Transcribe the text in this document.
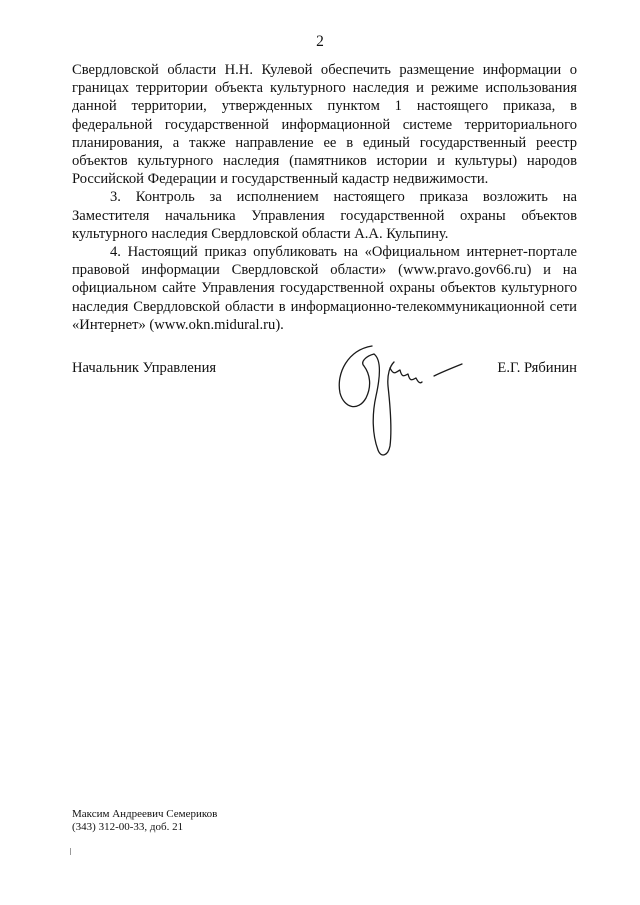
2

Свердловской области Н.Н. Кулевой обеспечить размещение информации о границах территории объекта культурного наследия и режиме использования данной территории, утвержденных пунктом 1 настоящего приказа, в федеральной государственной информационной системе территориального планирования, а также направление ее в единый государственный реестр объектов культурного наследия (памятников истории и культуры) народов Российской Федерации и государственный кадастр недвижимости.

3. Контроль за исполнением настоящего приказа возложить на Заместителя начальника Управления государственной охраны объектов культурного наследия Свердловской области А.А. Кульпину.

4. Настоящий приказ опубликовать на «Официальном интернет-портале правовой информации Свердловской области» (www.pravo.gov66.ru) и на официальном сайте Управления государственной охраны объектов культурного наследия Свердловской области в информационно-телекоммуникационной сети «Интернет» (www.okn.midural.ru).

Начальник Управления	Е.Г. Рябинин
Максим Андреевич Семериков
(343) 312-00-33, доб. 21
